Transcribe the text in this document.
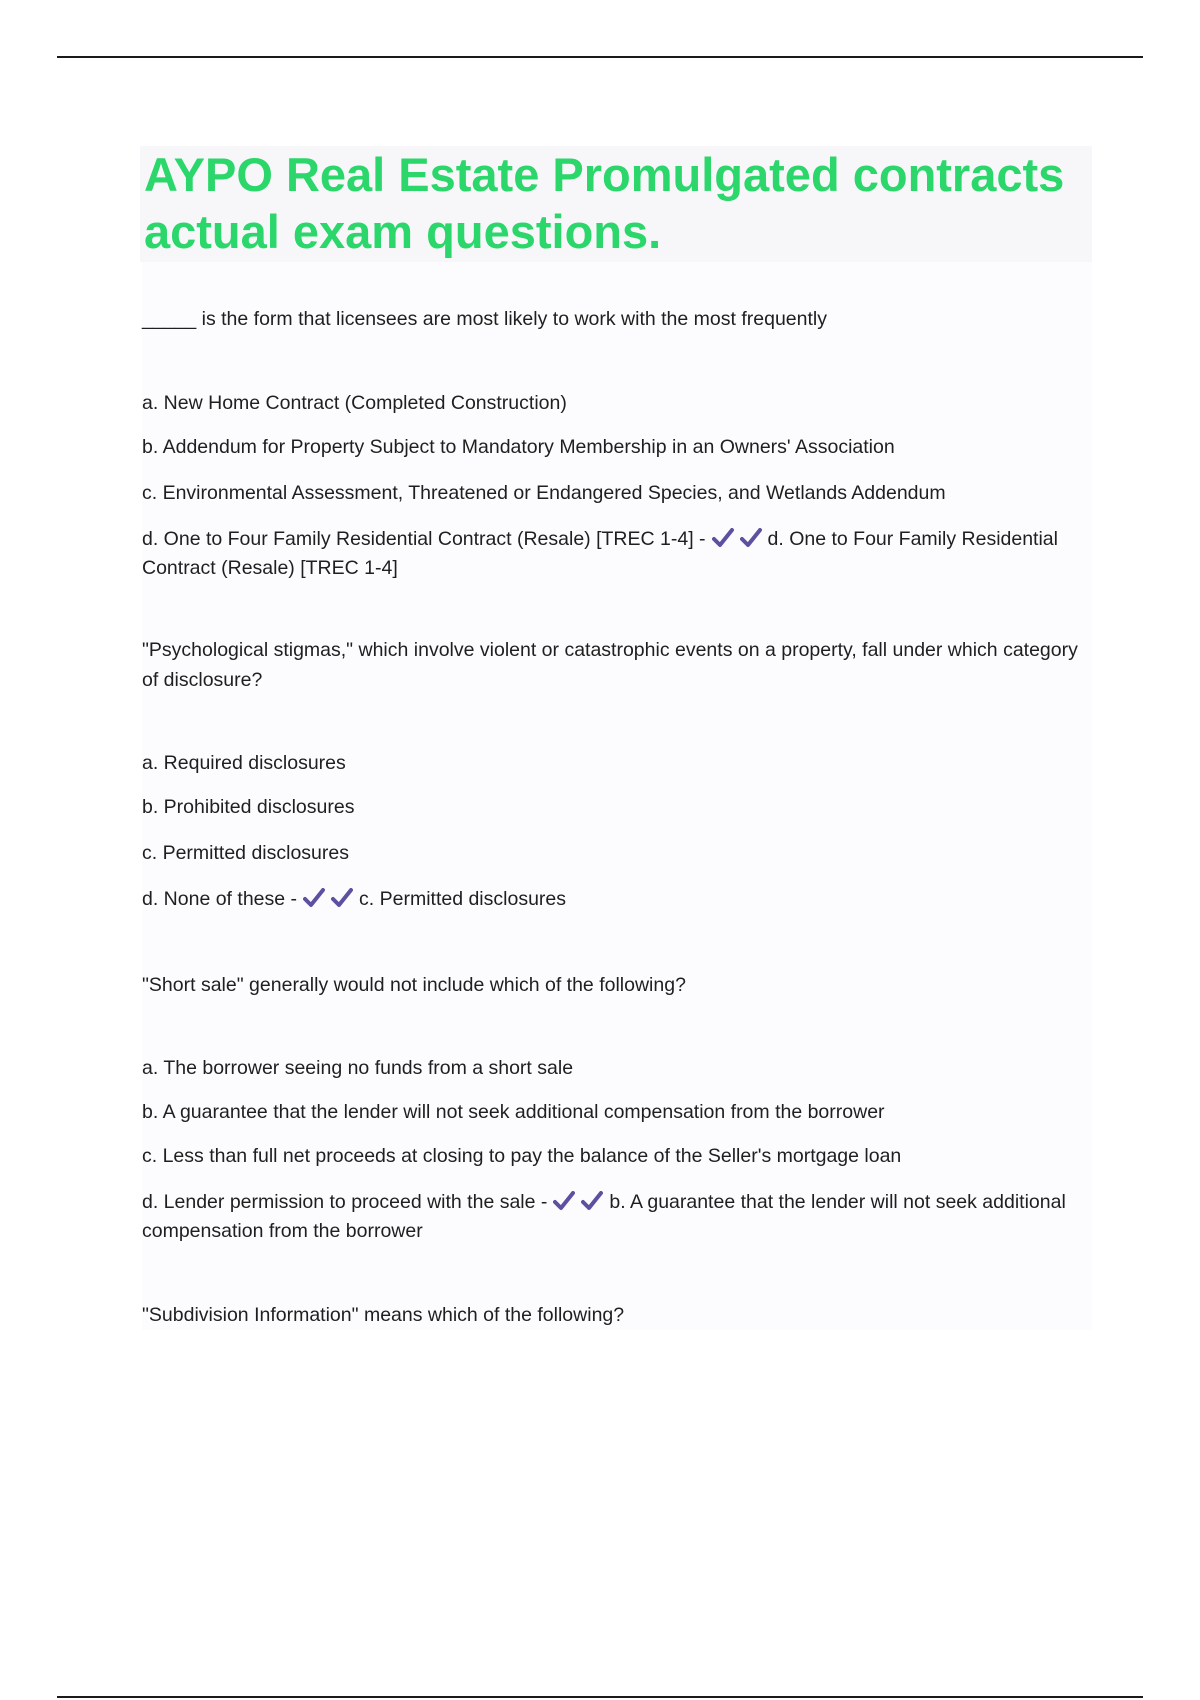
AYPO Real Estate Promulgated contracts actual exam questions.

_____ is the form that licensees are most likely to work with the most frequently

a. New Home Contract (Completed Construction)
b. Addendum for Property Subject to Mandatory Membership in an Owners' Association
c. Environmental Assessment, Threatened or Endangered Species, and Wetlands Addendum
d. One to Four Family Residential Contract (Resale) [TREC 1-4] -	d. One to Four Family Residential Contract (Resale) [TREC 1-4]

"Psychological stigmas," which involve violent or catastrophic events on a property, fall under which category of disclosure?

a. Required disclosures
b. Prohibited disclosures
c. Permitted disclosures
d. None of these -	c. Permitted disclosures

"Short sale" generally would not include which of the following?

a. The borrower seeing no funds from a short sale
b. A guarantee that the lender will not seek additional compensation from the borrower
c. Less than full net proceeds at closing to pay the balance of the Seller's mortgage loan
d. Lender permission to proceed with the sale -	b. A guarantee that the lender will not seek additional compensation from the borrower

"Subdivision Information" means which of the following?
